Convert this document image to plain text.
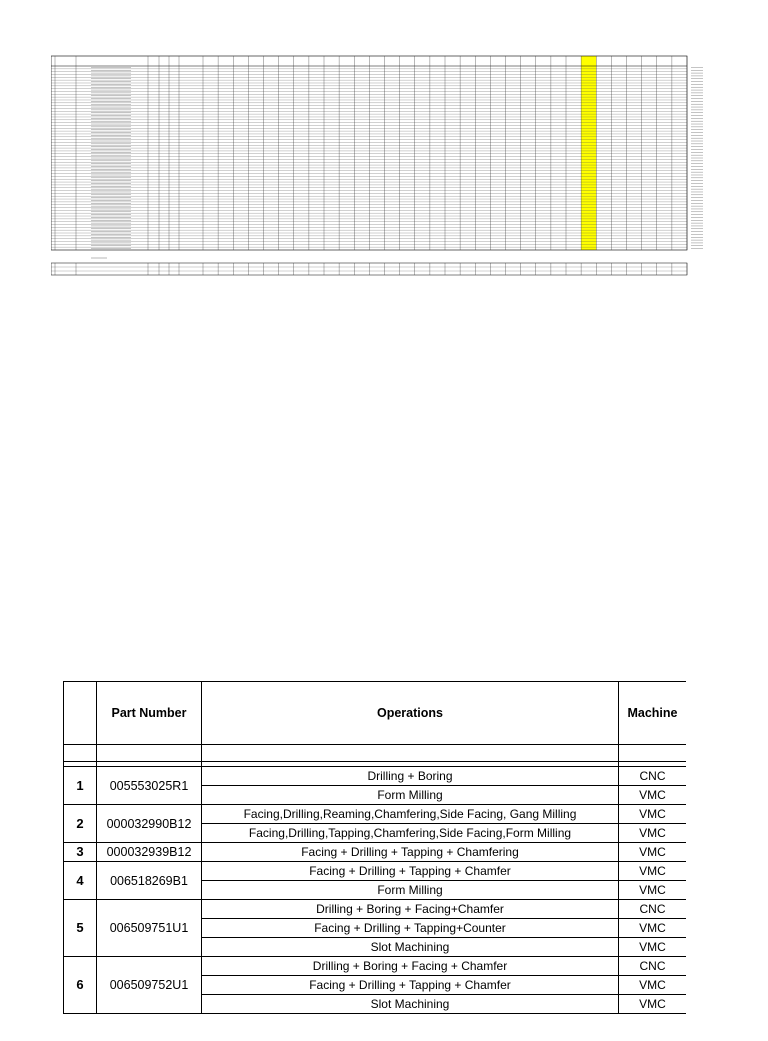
	Part Number	Operations	Machine

1	005553025R1	Drilling + Boring	CNC
		Form Milling	VMC
2	000032990B12	Facing,Drilling,Reaming,Chamfering,Side Facing, Gang Milling	VMC
		Facing,Drilling,Tapping,Chamfering,Side Facing,Form Milling	VMC
3	000032939B12	Facing + Drilling + Tapping + Chamfering	VMC
4	006518269B1	Facing + Drilling + Tapping + Chamfer	VMC
		Form Milling	VMC
5	006509751U1	Drilling + Boring + Facing+Chamfer	CNC
		Facing + Drilling + Tapping+Counter	VMC
		Slot Machining	VMC
6	006509752U1	Drilling + Boring + Facing + Chamfer	CNC
		Facing + Drilling + Tapping + Chamfer	VMC
		Slot Machining	VMC
